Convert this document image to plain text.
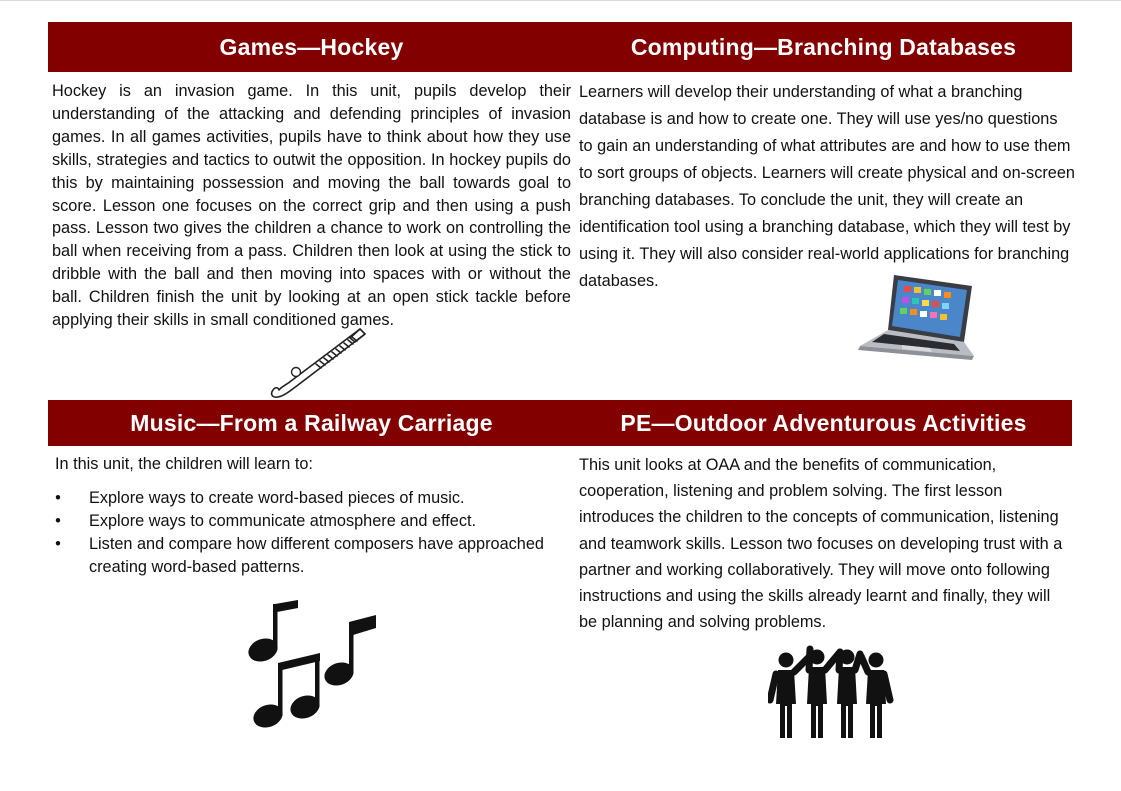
Games—Hockey	Computing—Branching Databases

Hockey is an invasion game. In this unit, pupils develop their understanding of the attacking and defending principles of invasion games. In all games activities, pupils have to think about how they use skills, strategies and tactics to outwit the opposition. In hockey pupils do this by maintaining possession and moving the ball towards goal to score. Lesson one focuses on the correct grip and then using a push pass. Lesson two gives the children a chance to work on controlling the ball when receiving from a pass. Children then look at using the stick to dribble with the ball and then moving into spaces with or without the ball. Children finish the unit by looking at an open stick tackle before applying their skills in small conditioned games.

Learners will develop their understanding of what a branching database is and how to create one. They will use yes/no questions to gain an understanding of what attributes are and how to use them to sort groups of objects. Learners will create physical and on-screen branching databases. To conclude the unit, they will create an identification tool using a branching database, which they will test by using it. They will also consider real-world applications for branching databases.

Music—From a Railway Carriage	PE—Outdoor Adventurous Activities

In this unit, the children will learn to:

• Explore ways to create word-based pieces of music.
• Explore ways to communicate atmosphere and effect.
• Listen and compare how different composers have approached creating word-based patterns.

This unit looks at OAA and the benefits of communication, cooperation, listening and problem solving. The first lesson introduces the children to the concepts of communication, listening and teamwork skills. Lesson two focuses on developing trust with a partner and working collaboratively. They will move onto following instructions and using the skills already learnt and finally, they will be planning and solving problems.
